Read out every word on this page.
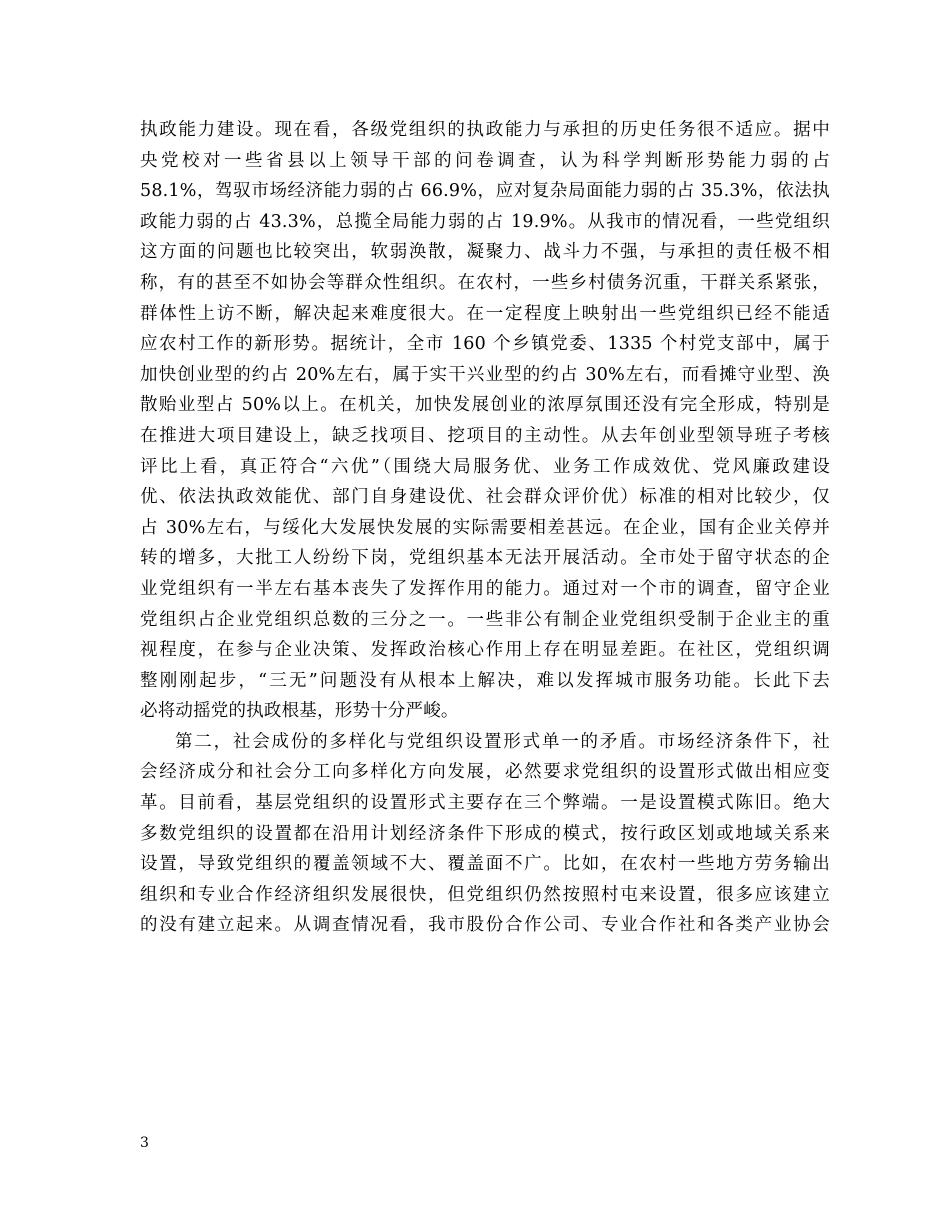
执政能力建设。现在看，各级党组织的执政能力与承担的历史任务很不适应。据中
央党校对一些省县以上领导干部的问卷调查，认为科学判断形势能力弱的占
58.1%，驾驭市场经济能力弱的占 66.9%，应对复杂局面能力弱的占 35.3%，依法执
政能力弱的占 43.3%，总揽全局能力弱的占 19.9%。从我市的情况看，一些党组织
这方面的问题也比较突出，软弱涣散，凝聚力、战斗力不强，与承担的责任极不相
称，有的甚至不如协会等群众性组织。在农村，一些乡村债务沉重，干群关系紧张，
群体性上访不断，解决起来难度很大。在一定程度上映射出一些党组织已经不能适
应农村工作的新形势。据统计，全市 160 个乡镇党委、1335 个村党支部中，属于
加快创业型的约占 20%左右，属于实干兴业型的约占 30%左右，而看摊守业型、涣
散贻业型占 50%以上。在机关，加快发展创业的浓厚氛围还没有完全形成，特别是
在推进大项目建设上，缺乏找项目、挖项目的主动性。从去年创业型领导班子考核
评比上看，真正符合“六优”（围绕大局服务优、业务工作成效优、党风廉政建设
优、依法执政效能优、部门自身建设优、社会群众评价优）标准的相对比较少，仅
占 30%左右，与绥化大发展快发展的实际需要相差甚远。在企业，国有企业关停并
转的增多，大批工人纷纷下岗，党组织基本无法开展活动。全市处于留守状态的企
业党组织有一半左右基本丧失了发挥作用的能力。通过对一个市的调查，留守企业
党组织占企业党组织总数的三分之一。一些非公有制企业党组织受制于企业主的重
视程度，在参与企业决策、发挥政治核心作用上存在明显差距。在社区，党组织调
整刚刚起步，“三无”问题没有从根本上解决，难以发挥城市服务功能。长此下去
必将动摇党的执政根基，形势十分严峻。
第二，社会成份的多样化与党组织设置形式单一的矛盾。市场经济条件下，社
会经济成分和社会分工向多样化方向发展，必然要求党组织的设置形式做出相应变
革。目前看，基层党组织的设置形式主要存在三个弊端。一是设置模式陈旧。绝大
多数党组织的设置都在沿用计划经济条件下形成的模式，按行政区划或地域关系来
设置，导致党组织的覆盖领域不大、覆盖面不广。比如，在农村一些地方劳务输出
组织和专业合作经济组织发展很快，但党组织仍然按照村屯来设置，很多应该建立
的没有建立起来。从调查情况看，我市股份合作公司、专业合作社和各类产业协会
3
